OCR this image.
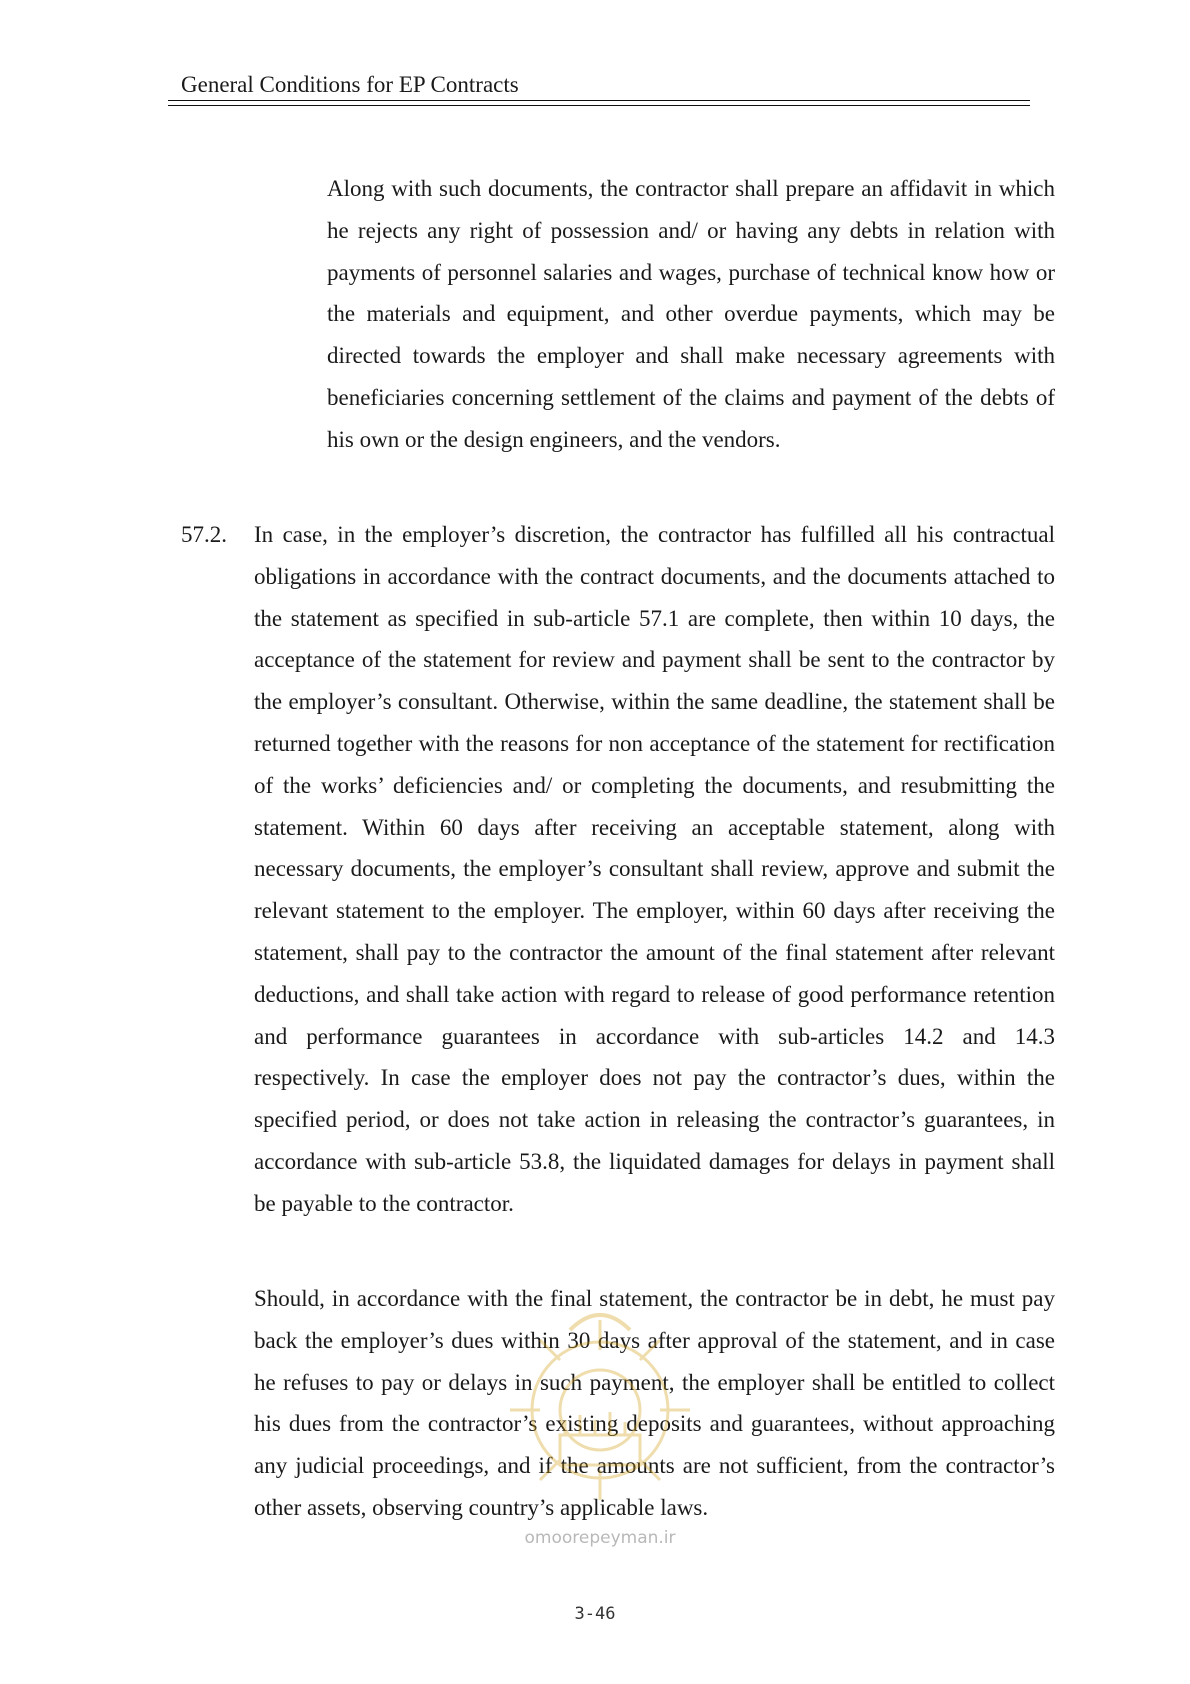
General Conditions for EP Contracts

Along with such documents, the contractor shall prepare an affidavit in which he rejects any right of possession and/ or having any debts in relation with payments of personnel salaries and wages, purchase of technical know how or the materials and equipment, and other overdue payments, which may be directed towards the employer and shall make necessary agreements with beneficiaries concerning settlement of the claims and payment of the debts of his own or the design engineers, and the vendors.

57.2. In case, in the employer’s discretion, the contractor has fulfilled all his contractual obligations in accordance with the contract documents, and the documents attached to the statement as specified in sub-article 57.1 are complete, then within 10 days, the acceptance of the statement for review and payment shall be sent to the contractor by the employer’s consultant. Otherwise, within the same deadline, the statement shall be returned together with the reasons for non acceptance of the statement for rectification of the works’ deficiencies and/ or completing the documents, and resubmitting the statement. Within 60 days after receiving an acceptable statement, along with necessary documents, the employer’s consultant shall review, approve and submit the relevant statement to the employer. The employer, within 60 days after receiving the statement, shall pay to the contractor the amount of the final statement after relevant deductions, and shall take action with regard to release of good performance retention and performance guarantees in accordance with sub-articles 14.2 and 14.3 respectively. In case the employer does not pay the contractor’s dues, within the specified period, or does not take action in releasing the contractor’s guarantees, in accordance with sub-article 53.8, the liquidated damages for delays in payment shall be payable to the contractor.

Should, in accordance with the final statement, the contractor be in debt, he must pay back the employer’s dues within 30 days after approval of the statement, and in case he refuses to pay or delays in such payment, the employer shall be entitled to collect his dues from the contractor’s existing deposits and guarantees, without approaching any judicial proceedings, and if the amounts are not sufficient, from the contractor’s other assets, observing country’s applicable laws.

omoorepeyman.ir
3-46
